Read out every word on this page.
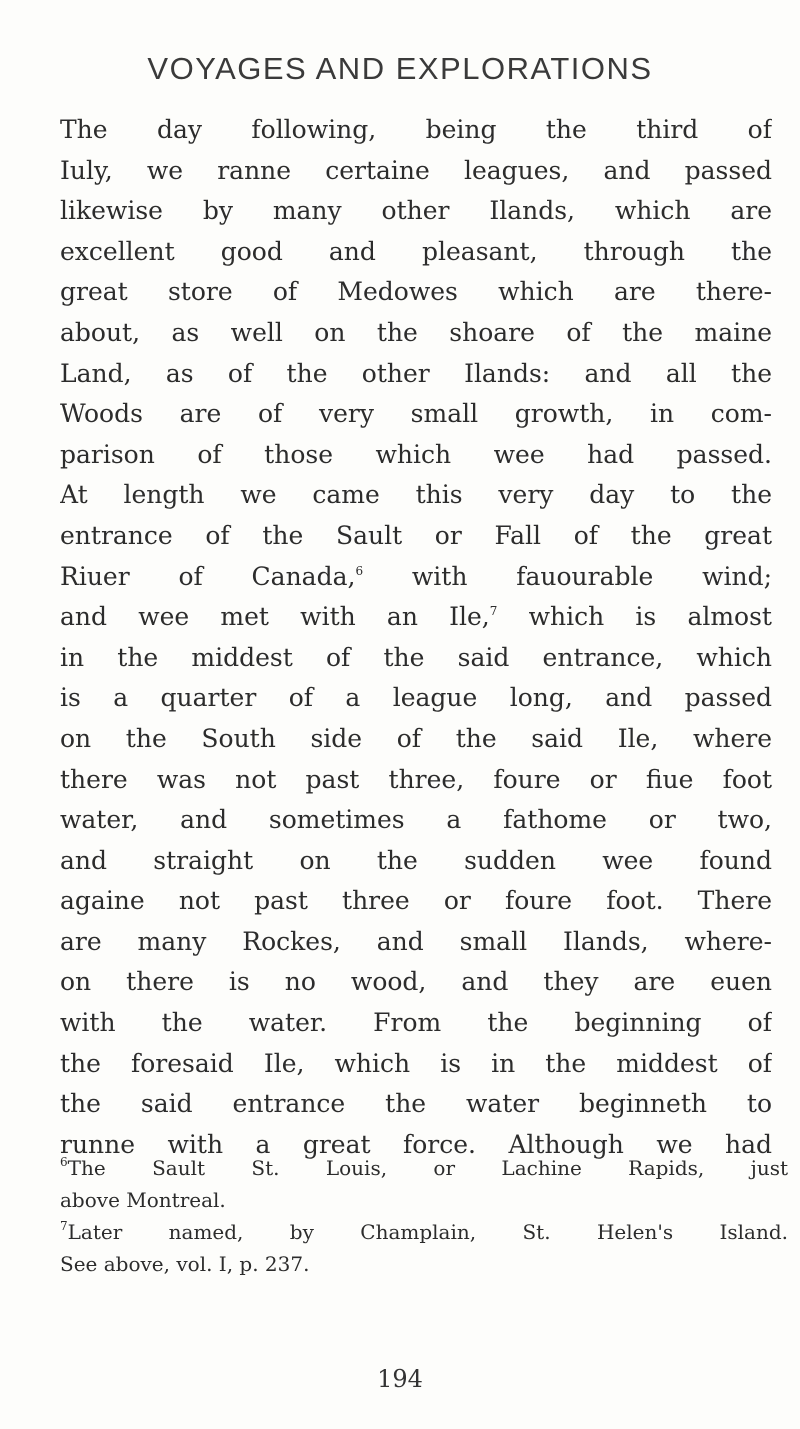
VOYAGES AND EXPLORATIONS
The day following, being the third of
Iuly, we ranne certaine leagues, and passed
likewise by many other Ilands, which are
excellent good and pleasant, through the
great store of Medowes which are there-
about, as well on the shoare of the maine
Land, as of the other Ilands: and all the
Woods are of very small growth, in com-
parison of those which wee had passed.
At length we came this very day to the
entrance of the Sault or Fall of the great
Riuer of Canada,$^6$ with fauourable wind;
and wee met with an Ile,$^7$ which is almost
in the middest of the said entrance, which
is a quarter of a league long, and passed
on the South side of the said Ile, where
there was not past three, foure or fiue foot
water, and sometimes a fathome or two,
and straight on the sudden wee found
againe not past three or foure foot. There
are many Rockes, and small Ilands, where-
on there is no wood, and they are euen
with the water. From the beginning of
the foresaid Ile, which is in the middest of
the said entrance the water beginneth to
runne with a great force. Although we had
$^6$The Sault St. Louis, or Lachine Rapids, just
above Montreal.
$^7$Later named, by Champlain, St. Helen's Island.
See above, vol. I, p. 237.
194
